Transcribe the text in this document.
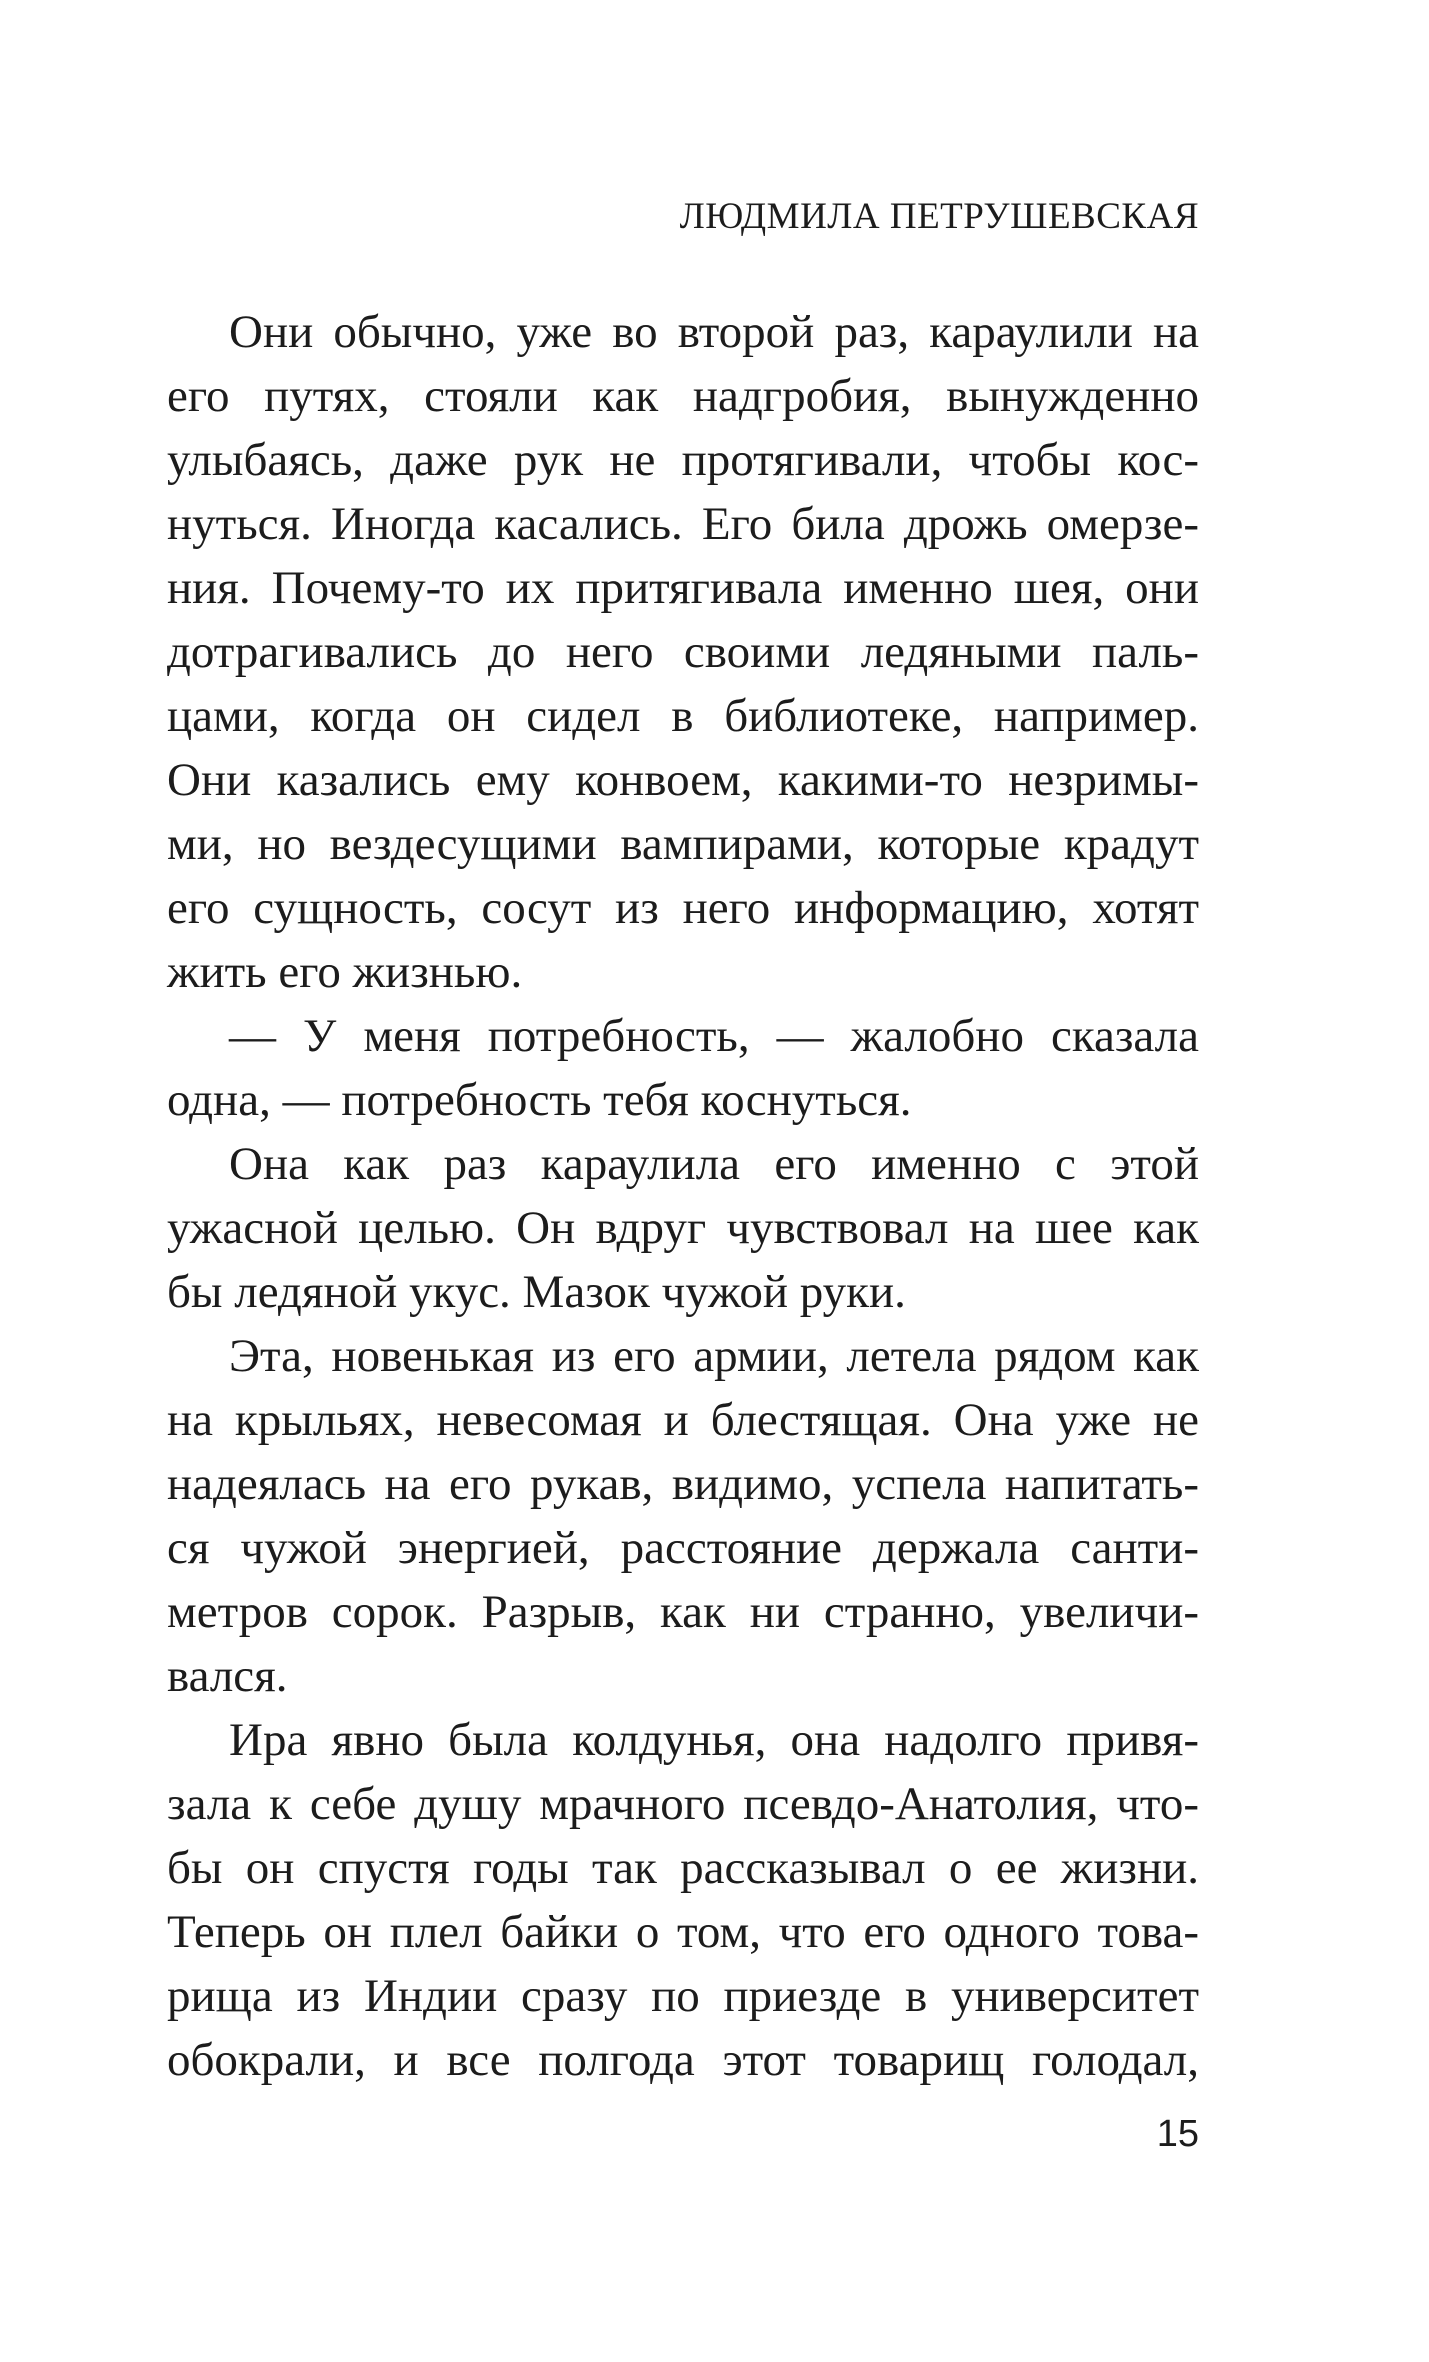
ЛЮДМИЛА ПЕТРУШЕВСКАЯ
Они обычно, уже во второй раз, караулили на
его путях, стояли как надгробия, вынужденно
улыбаясь, даже рук не протягивали, чтобы кос-
нуться. Иногда касались. Его била дрожь омерзе-
ния. Почему-то их притягивала именно шея, они
дотрагивались до него своими ледяными паль-
цами, когда он сидел в библиотеке, например.
Они казались ему конвоем, какими-то незримы-
ми, но вездесущими вампирами, которые крадут
его сущность, сосут из него информацию, хотят
жить его жизнью.
— У меня потребность, — жалобно сказала
одна, — потребность тебя коснуться.
Она как раз караулила его именно с этой
ужасной целью. Он вдруг чувствовал на шее как
бы ледяной укус. Мазок чужой руки.
Эта, новенькая из его армии, летела рядом как
на крыльях, невесомая и блестящая. Она уже не
надеялась на его рукав, видимо, успела напитать-
ся чужой энергией, расстояние держала санти-
метров сорок. Разрыв, как ни странно, увеличи-
вался.
Ира явно была колдунья, она надолго привя-
зала к себе душу мрачного псевдо-Анатолия, что-
бы он спустя годы так рассказывал о ее жизни.
Теперь он плел байки о том, что его одного това-
рища из Индии сразу по приезде в университет
обокрали, и все полгода этот товарищ голодал,
15
